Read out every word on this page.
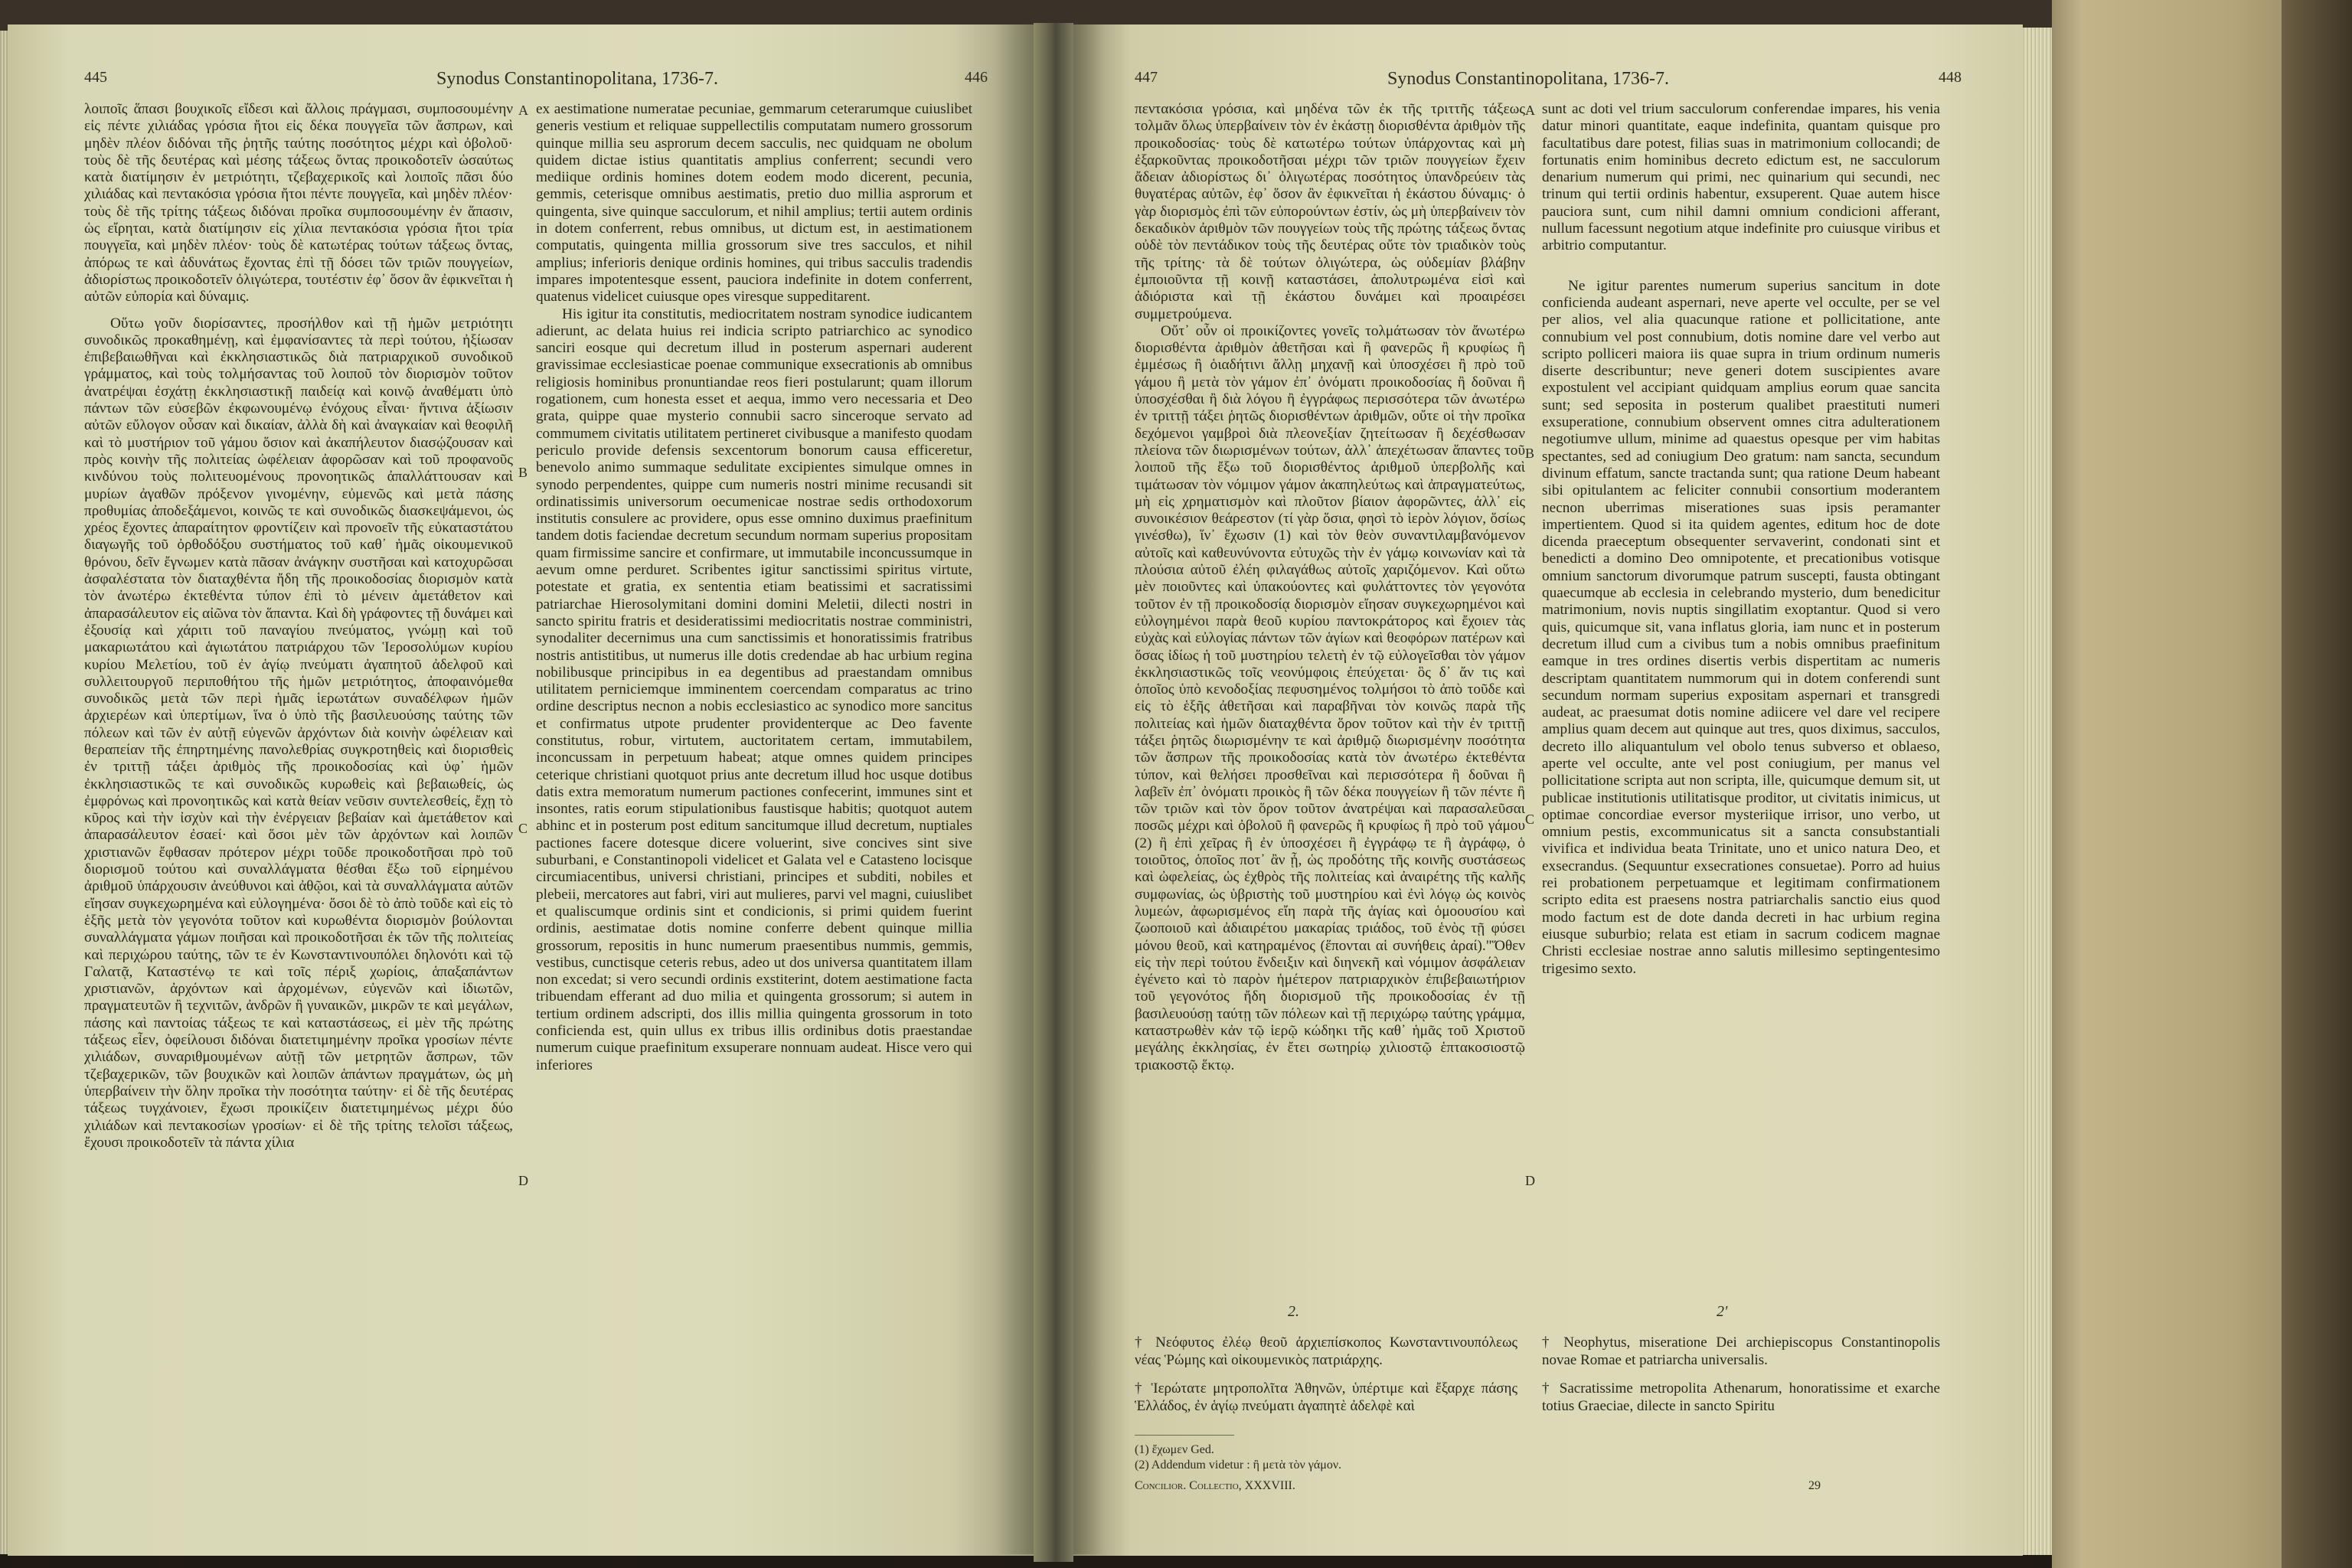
445	Synodus Constantinopolitana, 1736-7.	446

λοιποῖς ἅπασι βουχικοῖς εἴδεσι καὶ ἄλλοις πράγμασι, συμποσουμένην εἰς πέντε χιλιάδας γρόσια ἤτοι εἰς δέκα πουγγεῖα τῶν ἄσπρων, καὶ μηδὲν πλέον διδόναι τῆς ῥητῆς ταύτης ποσότητος μέχρι καὶ ὀβολοῦ· τοὺς δὲ τῆς δευτέρας καὶ μέσης τάξεως ὄντας προικοδοτεῖν ὡσαύτως κατὰ διατίμησιν ἐν μετριότητι, τζεβαχερικοῖς καὶ λοιποῖς πᾶσι δύο χιλιάδας καὶ πεντακόσια γρόσια ἤτοι πέντε πουγγεῖα, καὶ μηδὲν πλέον· τοὺς δὲ τῆς τρίτης τάξεως διδόναι προῖκα συμποσουμένην ἐν ἅπασιν, ὡς εἴρηται, κατὰ διατίμησιν εἰς χίλια πεντακόσια γρόσια ἤτοι τρία πουγγεῖα, καὶ μηδὲν πλέον· τοὺς δὲ κατωτέρας τούτων τάξεως ὄντας, ἀπόρως τε καὶ ἀδυνάτως ἔχοντας ἐπὶ τῇ δόσει τῶν τριῶν πουγγείων, ἀδιορίστως προικοδοτεῖν ὀλιγώτερα, τουτέστιν ἐφ᾽ ὅσον ἂν ἐφικνεῖται ἡ αὐτῶν εὐπορία καὶ δύναμις.

Οὕτω γοῦν διορίσαντες, προσήλθον καὶ τῇ ἡμῶν μετριότητι συνοδικῶς προκαθημένῃ, καὶ ἐμφανίσαντες τὰ περὶ τούτου, ἠξίωσαν ἐπιβεβαιωθῆναι καὶ ἐκκλησιαστικῶς διὰ πατριαρχικοῦ συνοδικοῦ γράμματος, καὶ τοὺς τολμήσαντας τοῦ λοιποῦ τὸν διορισμὸν τοῦτον ἀνατρέψαι ἐσχάτῃ ἐκκλησιαστικῇ παιδείᾳ καὶ κοινῷ ἀναθέματι ὑπὸ πάντων τῶν εὐσεβῶν ἐκφωνουμένῳ ἐνόχους εἶναι· ἥντινα ἀξίωσιν αὐτῶν εὔλογον οὖσαν καὶ δικαίαν, ἀλλὰ δὴ καὶ ἀναγκαίαν καὶ θεοφιλῆ καὶ τὸ μυστήριον τοῦ γάμου ὅσιον καὶ ἀκαπήλευτον διασῴζουσαν καὶ πρὸς κοινὴν τῆς πολιτείας ὠφέλειαν ἀφορῶσαν καὶ τοῦ προφανοῦς κινδύνου τοὺς πολιτευομένους προνοητικῶς ἀπαλλάττουσαν καὶ μυρίων ἀγαθῶν πρόξενον γινομένην, εὐμενῶς καὶ μετὰ πάσης προθυμίας ἀποδεξάμενοι, κοινῶς τε καὶ συνοδικῶς διασκεψάμενοι, ὡς χρέος ἔχοντες ἀπαραίτητον φροντίζειν καὶ προνοεῖν τῆς εὐκαταστάτου διαγωγῆς τοῦ ὀρθοδόξου συστήματος τοῦ καθ᾽ ἡμᾶς οἰκουμενικοῦ θρόνου, δεῖν ἔγνωμεν κατὰ πᾶσαν ἀνάγκην συστῆσαι καὶ κατοχυρῶσαι ἀσφαλέστατα τὸν διαταχθέντα ἤδη τῆς προικοδοσίας διορισμὸν κατὰ τὸν ἀνωτέρω ἐκτεθέντα τύπον ἐπὶ τὸ μένειν ἀμετάθετον καὶ ἀπαρασάλευτον εἰς αἰῶνα τὸν ἅπαντα. Καὶ δὴ γράφοντες τῇ δυνάμει καὶ ἐξουσίᾳ καὶ χάριτι τοῦ παναγίου πνεύματος, γνώμῃ καὶ τοῦ μακαριωτάτου καὶ ἁγιωτάτου πατριάρχου τῶν Ἱεροσολύμων κυρίου κυρίου Μελετίου, τοῦ ἐν ἁγίῳ πνεύματι ἀγαπητοῦ ἀδελφοῦ καὶ συλλειτουργοῦ περιποθήτου τῆς ἡμῶν μετριότητος, ἀποφαινόμεθα συνοδικῶς μετὰ τῶν περὶ ἡμᾶς ἱερωτάτων συναδέλφων ἡμῶν ἀρχιερέων καὶ ὑπερτίμων, ἵνα ὁ ὑπὸ τῆς βασιλευούσης ταύτης τῶν πόλεων καὶ τῶν ἐν αὐτῇ εὐγενῶν ἀρχόντων διὰ κοινὴν ὠφέλειαν καὶ θεραπείαν τῆς ἐπηρτημένης πανολεθρίας συγκροτηθεὶς καὶ διορισθεὶς ἐν τριττῇ τάξει ἀριθμὸς τῆς προικοδοσίας καὶ ὑφ᾽ ἡμῶν ἐκκλησιαστικῶς τε καὶ συνοδικῶς κυρωθεὶς καὶ βεβαιωθείς, ὡς ἐμφρόνως καὶ προνοητικῶς καὶ κατὰ θείαν νεῦσιν συντελεσθείς, ἔχῃ τὸ κῦρος καὶ τὴν ἰσχὺν καὶ τὴν ἐνέργειαν βεβαίαν καὶ ἀμετάθετον καὶ ἀπαρασάλευτον ἐσαεί· καὶ ὅσοι μὲν τῶν ἀρχόντων καὶ λοιπῶν χριστιανῶν ἔφθασαν πρότερον μέχρι τοῦδε προικοδοτῆσαι πρὸ τοῦ διορισμοῦ τούτου καὶ συναλλάγματα θέσθαι ἔξω τοῦ εἰρημένου ἀριθμοῦ ὑπάρχουσιν ἀνεύθυνοι καὶ ἀθῷοι, καὶ τὰ συναλλάγματα αὐτῶν εἴησαν συγκεχωρημένα καὶ εὐλογημένα· ὅσοι δὲ τὸ ἀπὸ τοῦδε καὶ εἰς τὸ ἑξῆς μετὰ τὸν γεγονότα τοῦτον καὶ κυρωθέντα διορισμὸν βούλονται συναλλάγματα γάμων ποιῆσαι καὶ προικοδοτῆσαι ἐκ τῶν τῆς πολιτείας καὶ περιχώρου ταύτης, τῶν τε ἐν Κωνσταντινουπόλει δηλονότι καὶ τῷ Γαλατᾷ, Καταστένῳ τε καὶ τοῖς πέριξ χωρίοις, ἁπαξαπάντων χριστιανῶν, ἀρχόντων καὶ ἀρχομένων, εὐγενῶν καὶ ἰδιωτῶν, πραγματευτῶν ἢ τεχνιτῶν, ἀνδρῶν ἢ γυναικῶν, μικρῶν τε καὶ μεγάλων, πάσης καὶ παντοίας τάξεως τε καὶ καταστάσεως, εἰ μὲν τῆς πρώτης τάξεως εἶεν, ὀφείλουσι διδόναι διατετιμημένην προῖκα γροσίων πέντε χιλιάδων, συναριθμουμένων αὐτῇ τῶν μετρητῶν ἄσπρων, τῶν τζεβαχερικῶν, τῶν βουχικῶν καὶ λοιπῶν ἁπάντων πραγμάτων, ὡς μὴ ὑπερβαίνειν τὴν ὅλην προῖκα τὴν ποσότητα ταύτην· εἰ δὲ τῆς δευτέρας τάξεως τυγχάνοιεν, ἔχωσι προικίζειν διατετιμημένως μέχρι δύο χιλιάδων καὶ πεντακοσίων γροσίων· εἰ δὲ τῆς τρίτης τελοῖσι τάξεως, ἔχουσι προικοδοτεῖν τὰ πάντα χίλια

A
B
C
D

ex aestimatione numeratae pecuniae, gemmarum ceterarumque cuiuslibet generis vestium et reliquae suppellectilis computatam numero grossorum quinque millia seu asprorum decem sacculis, nec quidquam ne obolum quidem dictae istius quantitatis amplius conferrent; secundi vero mediique ordinis homines dotem eodem modo dicerent, pecunia, gemmis, ceterisque omnibus aestimatis, pretio duo millia asprorum et quingenta, sive quinque sacculorum, et nihil amplius; tertii autem ordinis in dotem conferrent, rebus omnibus, ut dictum est, in aestimationem computatis, quingenta millia grossorum sive tres sacculos, et nihil amplius; inferioris denique ordinis homines, qui tribus sacculis tradendis impares impotentesque essent, pauciora indefinite in dotem conferrent, quatenus videlicet cuiusque opes viresque suppeditarent.

His igitur ita constitutis, mediocritatem nostram synodice iudicantem adierunt, ac delata huius rei indicia scripto patriarchico ac synodico sanciri eosque qui decretum illud in posterum aspernari auderent gravissimae ecclesiasticae poenae communique exsecrationis ab omnibus religiosis hominibus pronuntiandae reos fieri postularunt; quam illorum rogationem, cum honesta esset et aequa, immo vero necessaria et Deo grata, quippe quae mysterio connubii sacro sinceroque servato ad commumem civitatis utilitatem pertineret civibusque a manifesto quodam periculo provide defensis sexcentorum bonorum causa efficeretur, benevolo animo summaque sedulitate excipientes simulque omnes in synodo perpendentes, quippe cum numeris nostri minime recusandi sit ordinatissimis universorum oecumenicae nostrae sedis orthodoxorum institutis consulere ac providere, opus esse omnino duximus praefinitum tandem dotis faciendae decretum secundum normam superius propositam quam firmissime sancire et confirmare, ut immutabile inconcussumque in aevum omne perduret. Scribentes igitur sanctissimi spiritus virtute, potestate et gratia, ex sententia etiam beatissimi et sacratissimi patriarchae Hierosolymitani domini domini Meletii, dilecti nostri in sancto spiritu fratris et desideratissimi mediocritatis nostrae comministri, synodaliter decernimus una cum sanctissimis et honoratissimis fratribus nostris antistitibus, ut numerus ille dotis credendae ab hac urbium regina nobilibusque principibus in ea degentibus ad praestandam omnibus utilitatem perniciemque imminentem coercendam comparatus ac trino ordine descriptus necnon a nobis ecclesiastico ac synodico more sancitus et confirmatus utpote prudenter providenterque ac Deo favente constitutus, robur, virtutem, auctoritatem certam, immutabilem, inconcussam in perpetuum habeat; atque omnes quidem principes ceterique christiani quotquot prius ante decretum illud hoc usque dotibus datis extra memoratum numerum pactiones confecerint, immunes sint et insontes, ratis eorum stipulationibus faustisque habitis; quotquot autem abhinc et in posterum post editum sancitumque illud decretum, nuptiales pactiones facere dotesque dicere voluerint, sive concives sint sive suburbani, e Constantinopoli videlicet et Galata vel e Catasteno locisque circumiacentibus, universi christiani, principes et subditi, nobiles et plebeii, mercatores aut fabri, viri aut mulieres, parvi vel magni, cuiuslibet et qualiscumque ordinis sint et condicionis, si primi quidem fuerint ordinis, aestimatae dotis nomine conferre debent quinque millia grossorum, repositis in hunc numerum praesentibus nummis, gemmis, vestibus, cunctisque ceteris rebus, adeo ut dos universa quantitatem illam non excedat; si vero secundi ordinis exstiterint, dotem aestimatione facta tribuendam efferant ad duo milia et quingenta grossorum; si autem in tertium ordinem adscripti, dos illis millia quingenta grossorum in toto conficienda est, quin ullus ex tribus illis ordinibus dotis praestandae numerum cuique praefinitum exsuperare nonnuam audeat. Hisce vero qui inferiores

447	Synodus Constantinopolitana, 1736-7.	448

πεντακόσια γρόσια, καὶ μηδένα τῶν ἐκ τῆς τριττῆς τάξεως τολμᾶν ὅλως ὑπερβαίνειν τὸν ἐν ἑκάστῃ διορισθέντα ἀριθμὸν τῆς προικοδοσίας· τοὺς δὲ κατωτέρω τούτων ὑπάρχοντας καὶ μὴ ἐξαρκοῦντας προικοδοτῆσαι μέχρι τῶν τριῶν πουγγείων ἔχειν ἄδειαν ἀδιορίστως δι᾽ ὀλιγωτέρας ποσότητος ὑπανδρεύειν τὰς θυγατέρας αὐτῶν, ἐφ᾽ ὅσον ἂν ἐφικνεῖται ἡ ἑκάστου δύναμις· ὁ γὰρ διορισμὸς ἐπὶ τῶν εὐπορούντων ἐστίν, ὡς μὴ ὑπερβαίνειν τὸν δεκαδικὸν ἀριθμὸν τῶν πουγγείων τοὺς τῆς πρώτης τάξεως ὄντας οὐδὲ τὸν πεντάδικον τοὺς τῆς δευτέρας οὔτε τὸν τριαδικὸν τοὺς τῆς τρίτης· τὰ δὲ τούτων ὀλιγώτερα, ὡς οὐδεμίαν βλάβην ἐμποιοῦντα τῇ κοινῇ καταστάσει, ἀπολυτρωμένα εἰσὶ καὶ ἀδιόριστα καὶ τῇ ἑκάστου δυνάμει καὶ προαιρέσει συμμετρούμενα.

Οὔτ᾽ οὖν οἱ προικίζοντες γονεῖς τολμάτωσαν τὸν ἄνωτέρω διορισθέντα ἀριθμὸν ἀθετῆσαι καὶ ἢ φανερῶς ἢ κρυφίως ἢ ἐμμέσως ἢ ὁιαδήτινι ἄλλῃ μηχανῇ καὶ ὑποσχέσει ἢ πρὸ τοῦ γάμου ἢ μετὰ τὸν γάμον ἐπ᾽ ὀνόματι προικοδοσίας ἢ δοῦναι ἢ ὑποσχέσθαι ἢ διὰ λόγου ἢ ἐγγράφως περισσότερα τῶν ἀνωτέρω ἐν τριττῇ τάξει ῥητῶς διορισθέντων ἀριθμῶν, οὔτε οἱ τὴν προῖκα δεχόμενοι γαμβροὶ διὰ πλεονεξίαν ζητείτωσαν ἢ δεχέσθωσαν πλείονα τῶν διωρισμένων τούτων, ἀλλ᾽ ἀπεχέτωσαν ἅπαντες τοῦ λοιποῦ τῆς ἔξω τοῦ διορισθέντος ἀριθμοῦ ὑπερβολῆς καὶ τιμάτωσαν τὸν νόμιμον γάμον ἀκαπηλεύτως καὶ ἀπραγματεύτως, μὴ εἰς χρηματισμὸν καὶ πλοῦτον βίαιον ἀφορῶντες, ἀλλ᾽ εἰς συνοικέσιον θεάρεστον (τί γὰρ ὅσια, φησὶ τὸ ἱερὸν λόγιον, ὅσίως γινέσθω), ἵν᾽ ἔχωσιν (1) καὶ τὸν θεὸν συναντιλαμβανόμενον αὐτοῖς καὶ καθευνύνοντα εὐτυχῶς τὴν ἐν γάμῳ κοινωνίαν καὶ τὰ πλούσια αὐτοῦ ἐλέη φιλαγάθως αὐτοῖς χαριζόμενον. Καὶ οὕτω μὲν ποιοῦντες καὶ ὑπακούοντες καὶ φυλάττοντες τὸν γεγονότα τοῦτον ἐν τῇ προικοδοσίᾳ διορισμὸν εἴησαν συγκεχωρημένοι καὶ εὐλογημένοι παρὰ θεοῦ κυρίου παντοκράτορος καὶ ἔχοιεν τὰς εὐχὰς καὶ εὐλογίας πάντων τῶν ἁγίων καὶ θεοφόρων πατέρων καὶ ὅσας ἰδίως ἡ τοῦ μυστηρίου τελετὴ ἐν τῷ εὐλογεῖσθαι τὸν γάμον ἐκκλησιαστικῶς τοῖς νεονύμφοις ἐπεύχεται· ὃς δ᾽ ἄν τις καὶ ὁποῖος ὑπὸ κενοδοξίας πεφυσημένος τολμήσοι τὸ ἀπὸ τοῦδε καὶ εἰς τὸ ἑξῆς ἀθετῆσαι καὶ παραβῆναι τὸν κοινῶς παρὰ τῆς πολιτείας καὶ ἡμῶν διαταχθέντα ὅρον τοῦτον καὶ τὴν ἐν τριττῇ τάξει ῥητῶς διωρισμένην τε καὶ ἀριθμῷ διωρισμένην ποσότητα τῶν ἄσπρων τῆς προικοδοσίας κατὰ τὸν ἀνωτέρω ἐκτεθέντα τύπον, καὶ θελήσει προσθεῖναι καὶ περισσότερα ἢ δοῦναι ἢ λαβεῖν ἐπ᾽ ὀνόματι προικὸς ἢ τῶν δέκα πουγγείων ἢ τῶν πέντε ἢ τῶν τριῶν καὶ τὸν ὅρον τοῦτον ἀνατρέψαι καὶ παρασαλεῦσαι ποσῶς μέχρι καὶ ὀβολοῦ ἢ φανερῶς ἢ κρυφίως ἢ πρὸ τοῦ γάμου (2) ἢ ἐπὶ χεῖρας ἢ ἐν ὑποσχέσει ἢ ἐγγράφῳ τε ἢ ἀγράφῳ, ὁ τοιοῦτος, ὁποῖος ποτ᾽ ἂν ᾖ, ὡς προδότης τῆς κοινῆς συστάσεως καὶ ὠφελείας, ὡς ἐχθρὸς τῆς πολιτείας καὶ ἀναιρέτης τῆς καλῆς συμφωνίας, ὡς ὑβριστὴς τοῦ μυστηρίου καὶ ἐνὶ λόγῳ ὡς κοινὸς λυμεών, ἀφωρισμένος εἴη παρὰ τῆς ἁγίας καὶ ὁμοουσίου καὶ ζωοποιοῦ καὶ ἀδιαιρέτου μακαρίας τριάδος, τοῦ ἑνὸς τῇ φύσει μόνου θεοῦ, καὶ κατηραμένος (ἕπονται αἱ συνήθεις ἀραί)."Ὅθεν εἰς τὴν περὶ τούτου ἔνδειξιν καὶ διηνεκῆ καὶ νόμιμον ἀσφάλειαν ἐγένετο καὶ τὸ παρὸν ἡμέτερον πατριαρχικὸν ἐπιβεβαιωτήριον τοῦ γεγονότος ἤδη διορισμοῦ τῆς προικοδοσίας ἐν τῇ βασιλευούσῃ ταύτῃ τῶν πόλεων καὶ τῇ περιχώρῳ ταύτης γράμμα, καταστρωθὲν κἀν τῷ ἱερῷ κώδηκι τῆς καθ᾽ ἡμᾶς τοῦ Χριστοῦ μεγάλης ἐκκλησίας, ἐν ἔτει σωτηρίῳ χιλιοστῷ ἑπτακοσιοστῷ τριακοστῷ ἕκτῳ.

A
B
C
D

sunt ac doti vel trium sacculorum conferendae impares, his venia datur minori quantitate, eaque indefinita, quantam quisque pro facultatibus dare potest, filias suas in matrimonium collocandi; de fortunatis enim hominibus decreto edictum est, ne sacculorum denarium numerum qui primi, nec quinarium qui secundi, nec trinum qui tertii ordinis habentur, exsuperent. Quae autem hisce pauciora sunt, cum nihil damni omnium condicioni afferant, nullum facessunt negotium atque indefinite pro cuiusque viribus et arbitrio computantur.

Ne igitur parentes numerum superius sancitum in dote conficienda audeant aspernari, neve aperte vel occulte, per se vel per alios, vel alia quacunque ratione et pollicitatione, ante connubium vel post connubium, dotis nomine dare vel verbo aut scripto polliceri maiora iis quae supra in trium ordinum numeris diserte describuntur; neve generi dotem suscipientes avare expostulent vel accipiant quidquam amplius eorum quae sancita sunt; sed seposita in posterum qualibet praestituti numeri exsuperatione, connubium observent omnes citra adulterationem negotiumve ullum, minime ad quaestus opesque per vim habitas spectantes, sed ad coniugium Deo gratum: nam sancta, secundum divinum effatum, sancte tractanda sunt; qua ratione Deum habeant sibi opitulantem ac feliciter connubii consortium moderantem necnon uberrimas miserationes suas ipsis peramanter impertientem. Quod si ita quidem agentes, editum hoc de dote dicenda praeceptum obsequenter servaverint, condonati sint et benedicti a domino Deo omnipotente, et precationibus votisque omnium sanctorum divorumque patrum suscepti, fausta obtingant quaecumque ab ecclesia in celebrando mysterio, dum benedicitur matrimonium, novis nuptis singillatim exoptantur. Quod si vero quis, quicumque sit, vana inflatus gloria, iam nunc et in posterum decretum illud cum a civibus tum a nobis omnibus praefinitum eamque in tres ordines disertis verbis dispertitam ac numeris descriptam quantitatem nummorum qui in dotem conferendi sunt secundum normam superius expositam aspernari et transgredi audeat, ac praesumat dotis nomine adiicere vel dare vel recipere amplius quam decem aut quinque aut tres, quos diximus, sacculos, decreto illo aliquantulum vel obolo tenus subverso et oblaeso, aperte vel occulte, ante vel post coniugium, per manus vel pollicitatione scripta aut non scripta, ille, quicumque demum sit, ut publicae institutionis utilitatisque proditor, ut civitatis inimicus, ut optimae concordiae eversor mysteriique irrisor, uno verbo, ut omnium pestis, excommunicatus sit a sancta consubstantiali vivifica et individua beata Trinitate, uno et unico natura Deo, et exsecrandus. (Sequuntur exsecrationes consuetae). Porro ad huius rei probationem perpetuamque et legitimam confirmationem scripto edita est praesens nostra patriarchalis sanctio eius quod modo factum est de dote danda decreti in hac urbium regina eiusque suburbio; relata est etiam in sacrum codicem magnae Christi ecclesiae nostrae anno salutis millesimo septingentesimo trigesimo sexto.

2.	2'
† Νεόφυτος ἐλέῳ θεοῦ ἀρχιεπίσκοπος Κωνσταντινουπόλεως νέας Ῥώμης καὶ οἰκουμενικὸς πατριάρχης.
† Neophytus, miseratione Dei archiepiscopus Constantinopolis novae Romae et patriarcha universalis.
† Ἱερώτατε μητροπολῖτα Ἀθηνῶν, ὑπέρτιμε καὶ ἔξαρχε πάσης Ἑλλάδος, ἐν ἁγίῳ πνεύματι ἀγαπητὲ ἀδελφὲ καὶ
† Sacratissime metropolita Athenarum, honoratissime et exarche totius Graeciae, dilecte in sancto Spiritu
(1) ἔχωμεν Ged.
(2) Addendum videtur : ἢ μετὰ τὸν γάμον.
Concilior. Collectio, XXXVIII.	29
